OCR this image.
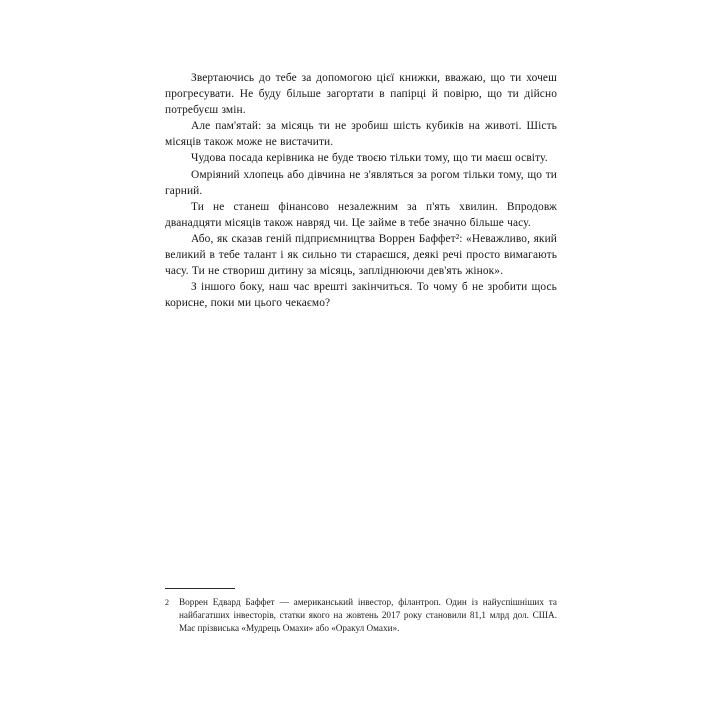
Звертаючись до тебе за допомогою цієї книжки, вважаю, що ти хочеш прогресувати. Не буду більше загортати в папірці й повірю, що ти дійсно потребуєш змін.

Але пам'ятай: за місяць ти не зробиш шість кубиків на животі. Шість місяців також може не вистачити.

Чудова посада керівника не буде твоєю тільки тому, що ти маєш освіту.

Омріяний хлопець або дівчина не з'являться за рогом тільки тому, що ти гарний.

Ти не станеш фінансово незалежним за п'ять хвилин. Впродовж дванадцяти місяців також навряд чи. Це займе в тебе значно більше часу.

Або, як сказав геній підприємництва Воррен Баффет²: «Неважливо, який великий в тебе талант і як сильно ти стараєшся, деякі речі просто вимагають часу. Ти не створиш дитину за місяць, запліднюючи дев'ять жінок».

З іншого боку, наш час врешті закінчиться. То чому б не зробити щось корисне, поки ми цього чекаємо?

2 Воррен Едвард Баффет — американський інвестор, філантроп. Один із найуспішніших та найбагатших інвесторів, статки якого на жовтень 2017 року становили 81,1 млрд дол. США. Має прізвиська «Мудрець Омахи» або «Оракул Омахи».
